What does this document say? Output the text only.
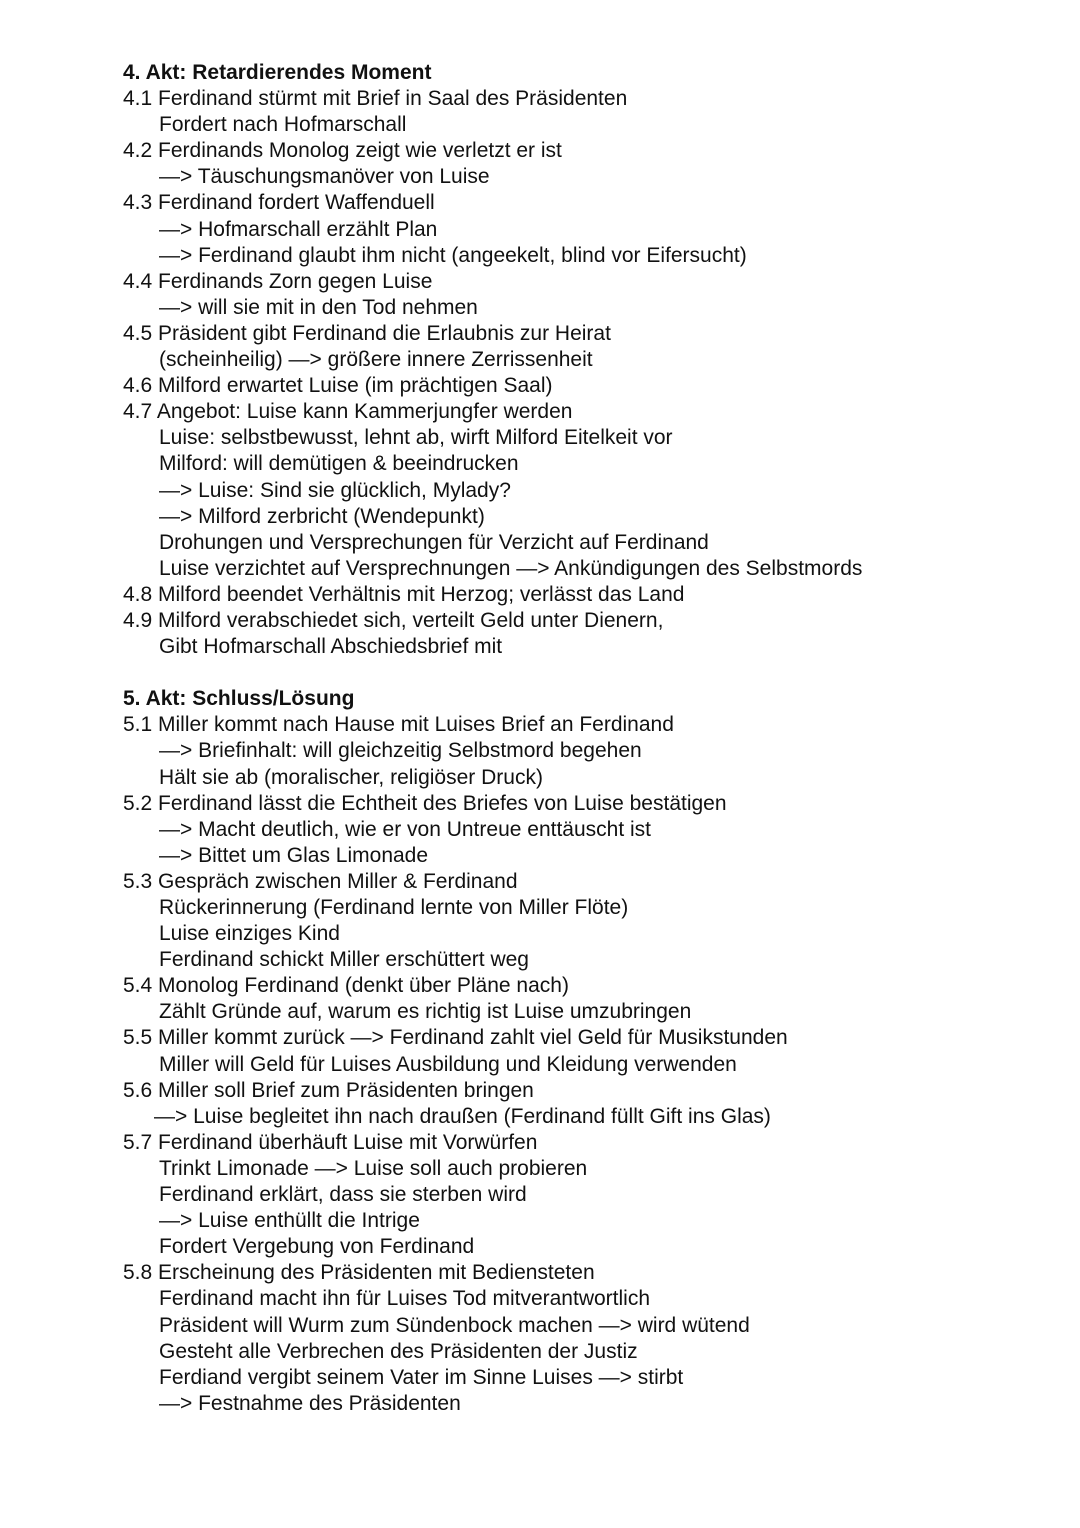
4. Akt: Retardierendes Moment
4.1 Ferdinand stürmt mit Brief in Saal des Präsidenten
Fordert nach Hofmarschall
4.2 Ferdinands Monolog zeigt wie verletzt er ist
—> Täuschungsmanöver von Luise
4.3 Ferdinand fordert Waffenduell
—> Hofmarschall erzählt Plan
—> Ferdinand glaubt ihm nicht (angeekelt, blind vor Eifersucht)
4.4 Ferdinands Zorn gegen Luise
—> will sie mit in den Tod nehmen
4.5 Präsident gibt Ferdinand die Erlaubnis zur Heirat
(scheinheilig) —> größere innere Zerrissenheit
4.6 Milford erwartet Luise (im prächtigen Saal)
4.7 Angebot: Luise kann Kammerjungfer werden
Luise: selbstbewusst, lehnt ab, wirft Milford Eitelkeit vor
Milford: will demütigen & beeindrucken
—> Luise: Sind sie glücklich, Mylady?
—> Milford zerbricht (Wendepunkt)
Drohungen und Versprechungen für Verzicht auf Ferdinand
Luise verzichtet auf Versprechnungen —> Ankündigungen des Selbstmords
4.8 Milford beendet Verhältnis mit Herzog; verlässt das Land
4.9 Milford verabschiedet sich, verteilt Geld unter Dienern,
Gibt Hofmarschall Abschiedsbrief mit
5. Akt: Schluss/Lösung
5.1 Miller kommt nach Hause mit Luises Brief an Ferdinand
—> Briefinhalt: will gleichzeitig Selbstmord begehen
Hält sie ab (moralischer, religiöser Druck)
5.2 Ferdinand lässt die Echtheit des Briefes von Luise bestätigen
—> Macht deutlich, wie er von Untreue enttäuscht ist
—> Bittet um Glas Limonade
5.3 Gespräch zwischen Miller & Ferdinand
Rückerinnerung (Ferdinand lernte von Miller Flöte)
Luise einziges Kind
Ferdinand schickt Miller erschüttert weg
5.4 Monolog Ferdinand (denkt über Pläne nach)
Zählt Gründe auf, warum es richtig ist Luise umzubringen
5.5 Miller kommt zurück —> Ferdinand zahlt viel Geld für Musikstunden
Miller will Geld für Luises Ausbildung und Kleidung verwenden
5.6 Miller soll Brief zum Präsidenten bringen
—> Luise begleitet ihn nach draußen (Ferdinand füllt Gift ins Glas)
5.7 Ferdinand überhäuft Luise mit Vorwürfen
Trinkt Limonade —> Luise soll auch probieren
Ferdinand erklärt, dass sie sterben wird
—> Luise enthüllt die Intrige
Fordert Vergebung von Ferdinand
5.8 Erscheinung des Präsidenten mit Bediensteten
Ferdinand macht ihn für Luises Tod mitverantwortlich
Präsident will Wurm zum Sündenbock machen —> wird wütend
Gesteht alle Verbrechen des Präsidenten der Justiz
Ferdiand vergibt seinem Vater im Sinne Luises —> stirbt
—> Festnahme des Präsidenten
